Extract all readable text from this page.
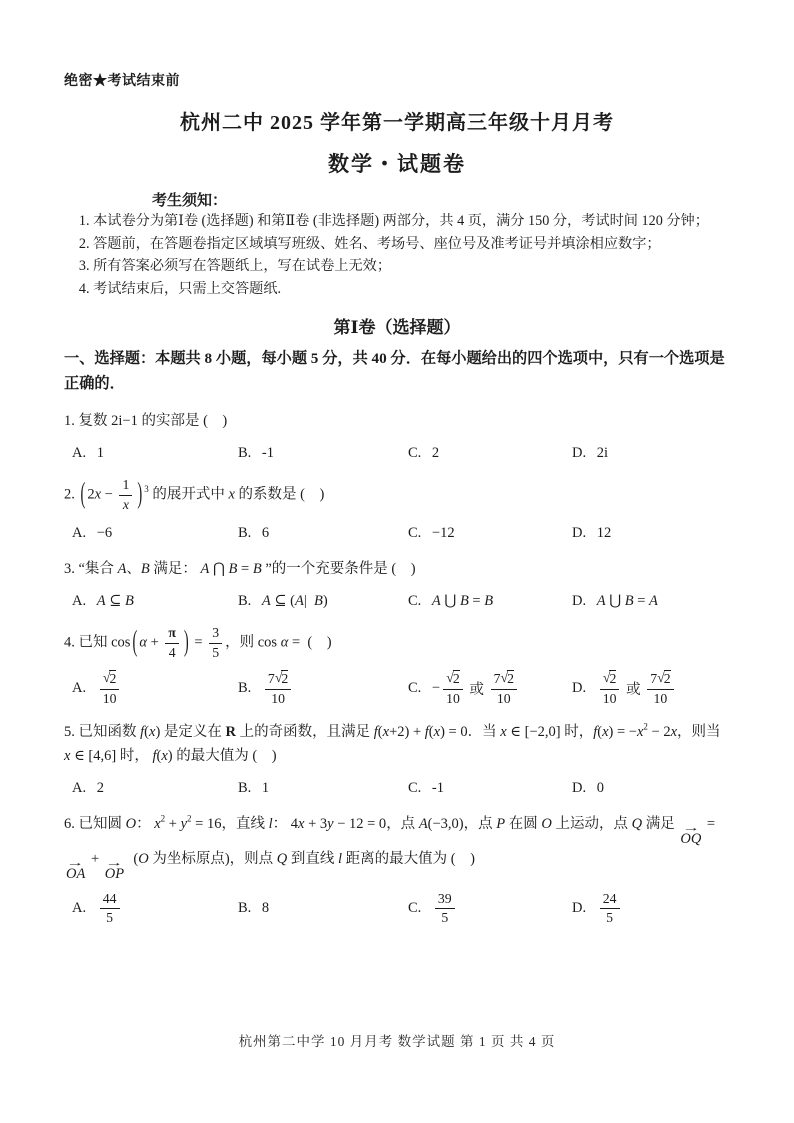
绝密★考试结束前
杭州二中 2025 学年第一学期高三年级十月月考
数学・试题卷
考生须知：

1. 本试卷分为第Ⅰ卷 (选择题) 和第Ⅱ卷 (非选择题) 两部分，共 4 页，满分 150 分，考试时间 120 分钟；

2. 答题前，在答题卷指定区域填写班级、姓名、考场号、座位号及准考证号并填涂相应数字；

3. 所有答案必须写在答题纸上，写在试卷上无效；

4. 考试结束后，只需上交答题纸.

第Ⅰ卷（选择题）
一、选择题：本题共 8 小题，每小题 5 分，共 40 分．在每小题给出的四个选项中，只有一个选项是正确的．
1. 复数 2i−1 的实部是 (    )
A. 1	B. -1	C. 2	D. 2i
2. ( $2x - \frac{1}{x}$ ) $^3$ 的展开式中 x 的系数是 (    )
A. −6	B. 6	C. −12	D. 12
3. “集合 A、B 满足： A ⋂ B = B ”的一个充要条件是 (    )
A. A ⊆ B	B. A ⊆ ( A | B )	C. A ⋃ B = B	D. A ⋃ B = A
4. 已知 cos ( $\alpha + \frac{\pi}{4}$ ) = $\frac{3}{5}$ ，则 cos α =  (    )
A. $\frac{√ 2}{10}$	B. $\frac{7 √ 2}{10}$	C. − $\frac{√ 2}{10}$ 或 $\frac{7 √ 2}{10}$	D. $\frac{√ 2}{10}$ 或 $\frac{7 √ 2}{10}$
5. 已知函数 f(x) 是定义在 R 上的奇函数，且满足 f(x+2) + f(x) = 0．当 x ∈ [−2,0] 时，$f(x) = -x^2 - 2x$，则当 x ∈ [4,6] 时， f(x) 的最大值为 (    )
A. 2	B. 1	C. -1	D. 0
6. 已知圆 O： $x^2 + y^2 = 16$，直线 l： 4x + 3y − 12 = 0，点 A(−3,0)，点 P 在圆 O 上运动，点 Q 满足 →
OQ
=
→
OA
+ →
OP
(O 为坐标原点)，则点 Q 到直线 l 距离的最大值为 (    )
A. $\frac{44}{5}$	B. 8	C. $\frac{39}{5}$	D. $\frac{24}{5}$
杭州第二中学 10 月月考 数学试题 第 1 页 共 4 页
